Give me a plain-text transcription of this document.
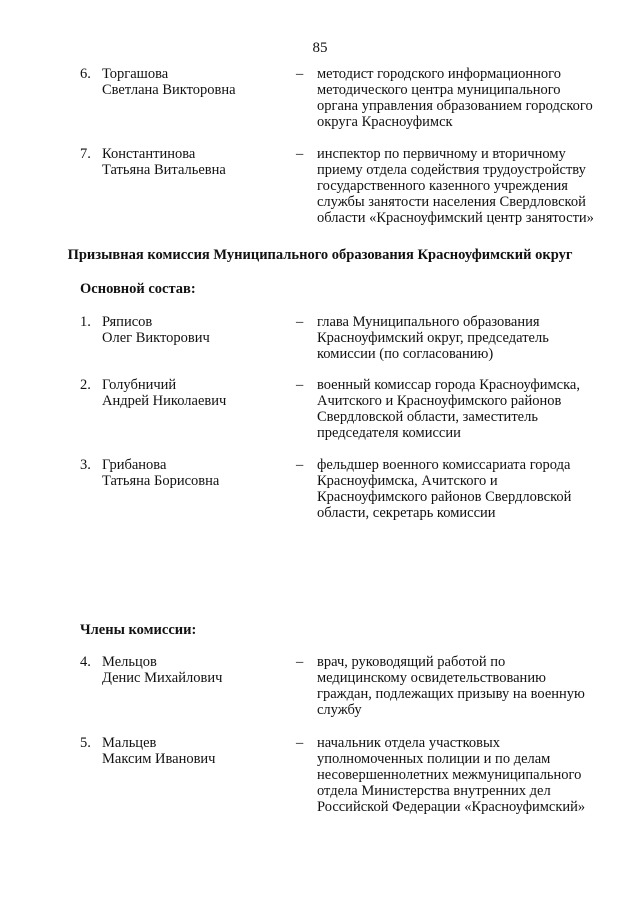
85
6. Торгашова
Светлана Викторовна
– методист городского информационного
методического центра муниципального
органа управления образованием городского
округа Красноуфимск
7. Константинова
Татьяна Витальевна
– инспектор по первичному и вторичному
приему отдела содействия трудоустройству
государственного казенного учреждения
службы занятости населения Свердловской
области «Красноуфимский центр занятости»
Призывная комиссия Муниципального образования Красноуфимский округ
Основной состав:
1. Ряписов
Олег Викторович
– глава Муниципального образования
Красноуфимский округ, председатель
комиссии (по согласованию)
2. Голубничий
Андрей Николаевич
– военный комиссар города Красноуфимска,
Ачитского и Красноуфимского районов
Свердловской области, заместитель
председателя комиссии
3. Грибанова
Татьяна Борисовна
– фельдшер военного комиссариата города
Красноуфимска, Ачитского и
Красноуфимского районов Свердловской
области, секретарь комиссии
Члены комиссии:
4. Мельцов
Денис Михайлович
– врач, руководящий работой по
медицинскому освидетельствованию
граждан, подлежащих призыву на военную
службу
5. Мальцев
Максим Иванович
– начальник отдела участковых
уполномоченных полиции и по делам
несовершеннолетних межмуниципального
отдела Министерства внутренних дел
Российской Федерации «Красноуфимский»
